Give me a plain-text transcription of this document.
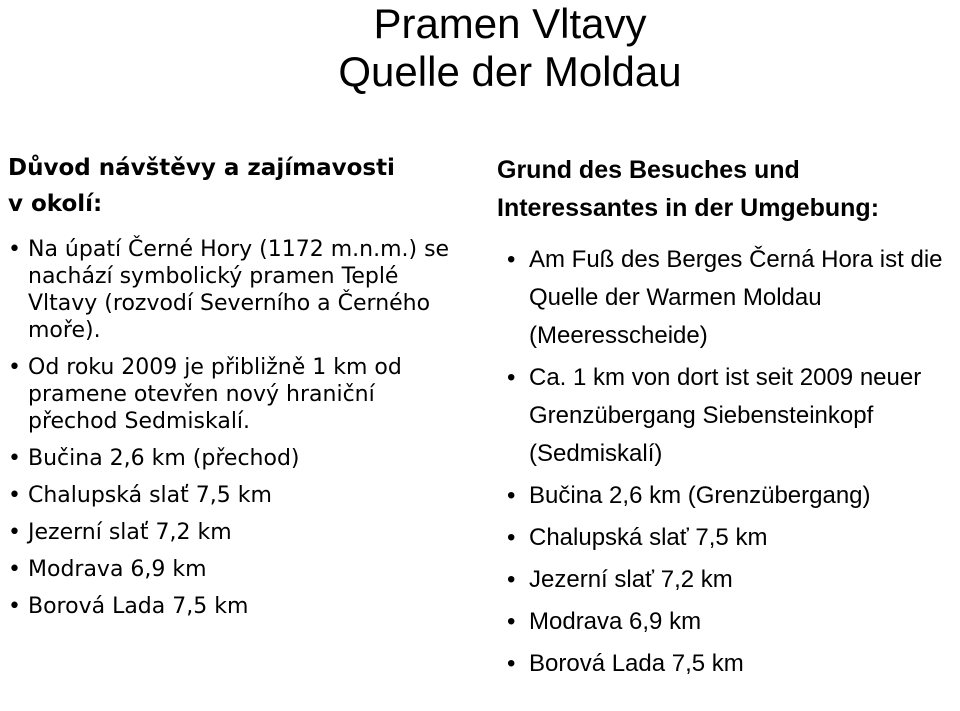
Pramen Vltavy
Quelle der Moldau
Důvod návštěvy a zajímavosti
v okolí:
• Na úpatí Černé Hory (1172 m.n.m.) se nachází symbolický pramen Teplé Vltavy (rozvodí Severního a Černého moře).
• Od roku 2009 je přibližně 1 km od pramene otevřen nový hraniční přechod Sedmiskalí.
• Bučina 2,6 km (přechod)
• Chalupská slať 7,5 km
• Jezerní slať 7,2 km
• Modrava 6,9 km
• Borová Lada 7,5 km
Grund des Besuches und
Interessantes in der Umgebung:
• Am Fuß des Berges Černá Hora ist die Quelle der Warmen Moldau (Meeresscheide)
• Ca. 1 km von dort ist seit 2009 neuer Grenzübergang Siebensteinkopf (Sedmiskalí)
• Bučina 2,6 km (Grenzübergang)
• Chalupská slať 7,5 km
• Jezerní slať 7,2 km
• Modrava 6,9 km
• Borová Lada 7,5 km
